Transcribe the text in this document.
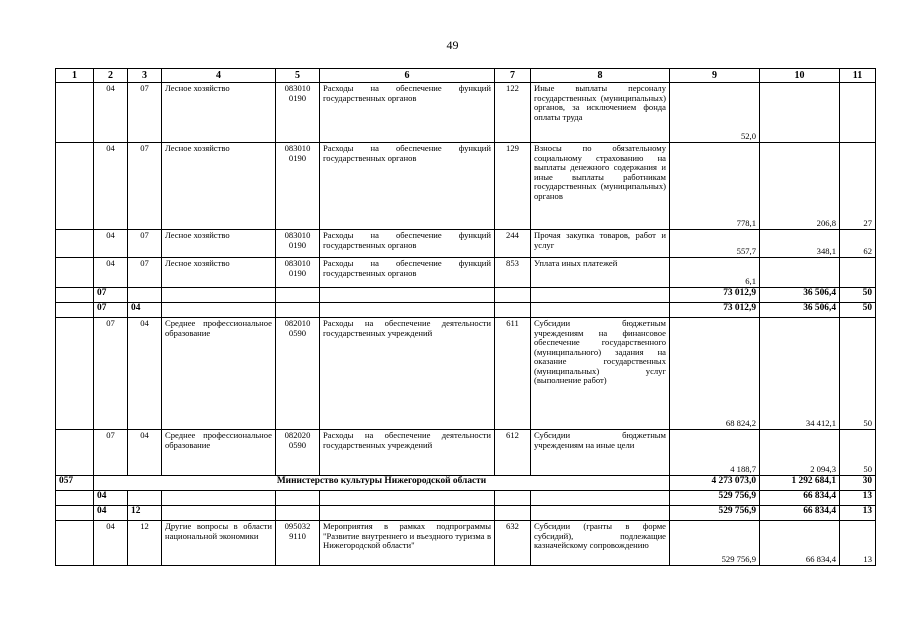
49
1	2	3	4	5	6	7	8	9	10	11
	04	07	Лесное хозяйство	083010 0190	Расходы на обеспечение функций государственных органов	122	Иные выплаты персоналу государственных (муниципальных) органов, за исключением фонда оплаты труда	52,0		
	04	07	Лесное хозяйство	083010 0190	Расходы на обеспечение функций государственных органов	129	Взносы по обязательному социальному страхованию на выплаты денежного содержания и иные выплаты работникам государственных (муниципальных) органов	778,1	206,8	27
	04	07	Лесное хозяйство	083010 0190	Расходы на обеспечение функций государственных органов	244	Прочая закупка товаров, работ и услуг	557,7	348,1	62
	04	07	Лесное хозяйство	083010 0190	Расходы на обеспечение функций государственных органов	853	Уплата иных платежей	6,1		
	07							73 012,9	36 506,4	50
	07	04						73 012,9	36 506,4	50
	07	04	Среднее профессиональное образование	082010 0590	Расходы на обеспечение деятельности государственных учреждений	611	Субсидии бюджетным учреждениям на финансовое обеспечение государственного (муниципального) задания на оказание государственных (муниципальных) услуг (выполнение работ)	68 824,2	34 412,1	50
	07	04	Среднее профессиональное образование	082020 0590	Расходы на обеспечение деятельности государственных учреждений	612	Субсидии бюджетным учреждениям на иные цели	4 188,7	2 094,3	50
057	Министерство культуры Нижегородской области							4 273 073,0	1 292 684,1	30
	04							529 756,9	66 834,4	13
	04	12						529 756,9	66 834,4	13
	04	12	Другие вопросы в области национальной экономики	095032 9110	Мероприятия в рамках подпрограммы "Развитие внутреннего и въездного туризма в Нижегородской области"	632	Субсидии (гранты в форме субсидий), подлежащие казначейскому сопровождению	529 756,9	66 834,4	13
